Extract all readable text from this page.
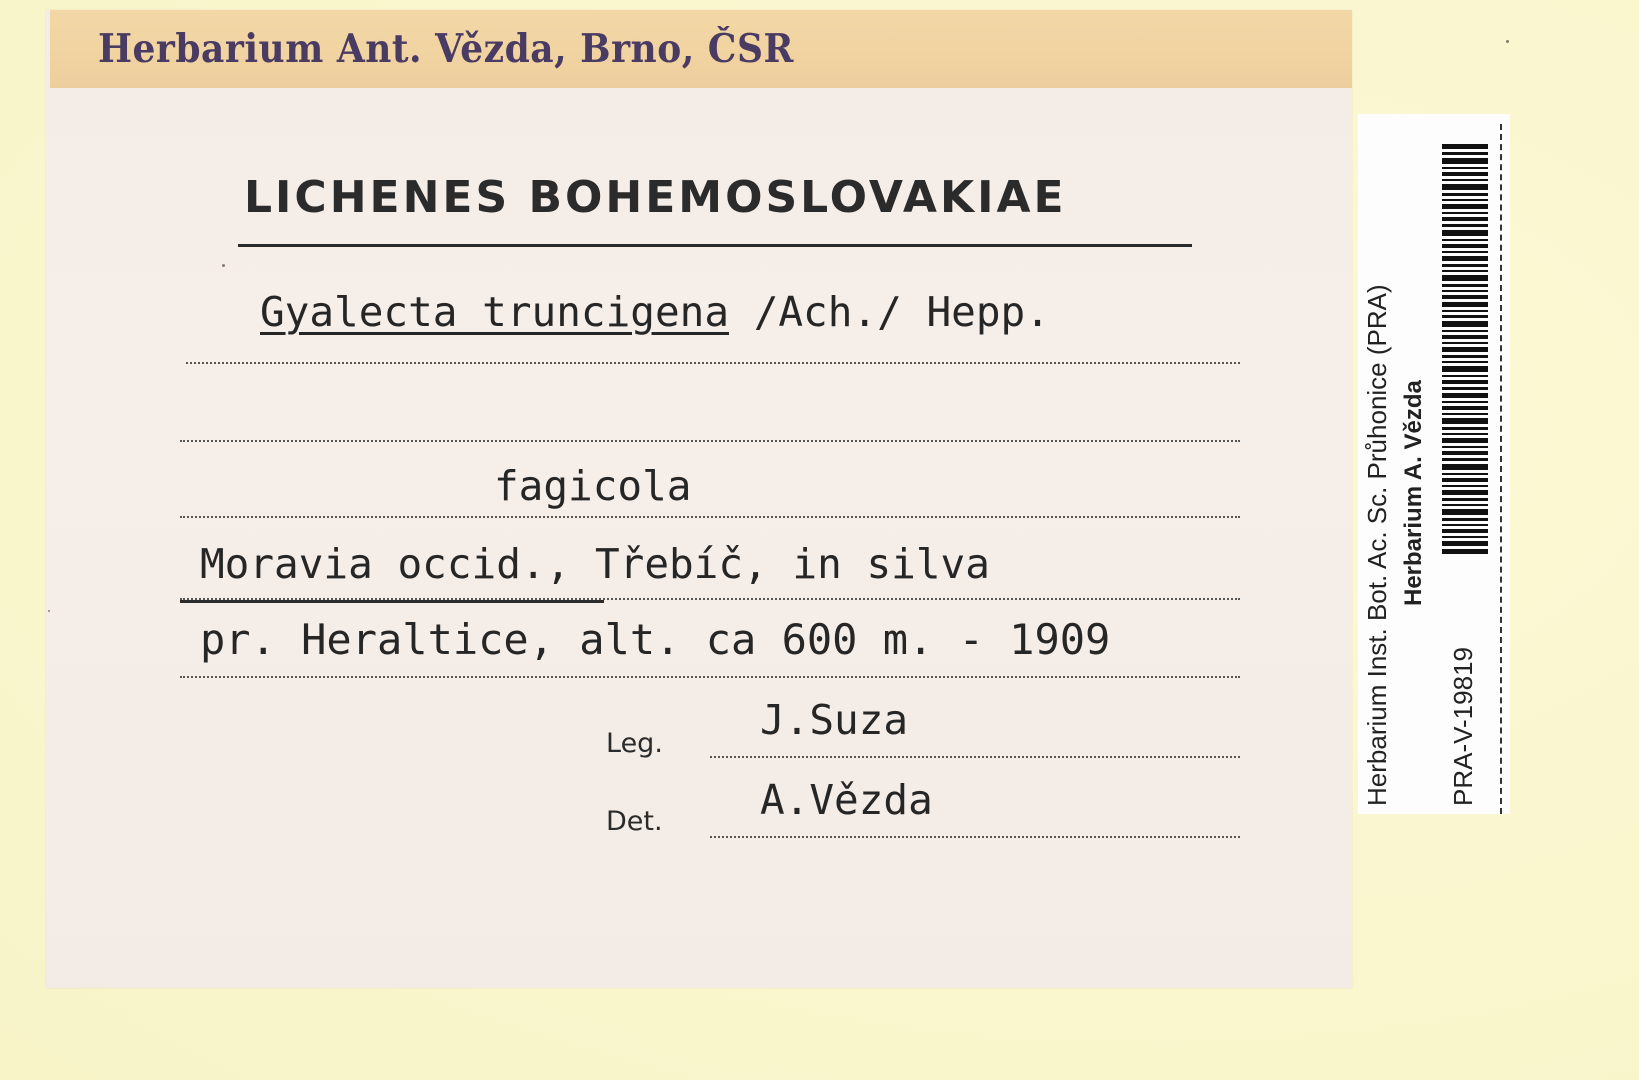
Herbarium Ant. Vězda, Brno, ČSR
LICHENES BOHEMOSLOVAKIAE
Gyalecta truncigena /Ach./ Hepp.
fagicola
Moravia occid., Třebíč, in silva
pr. Heraltice, alt. ca 600 m. - 1909
Leg. J.Suza
Det. A.Vězda	Herbarium Inst. Bot. Ac. Sc. Průhonice (PRA) Herbarium A. Vězda
PRA-V-19819
